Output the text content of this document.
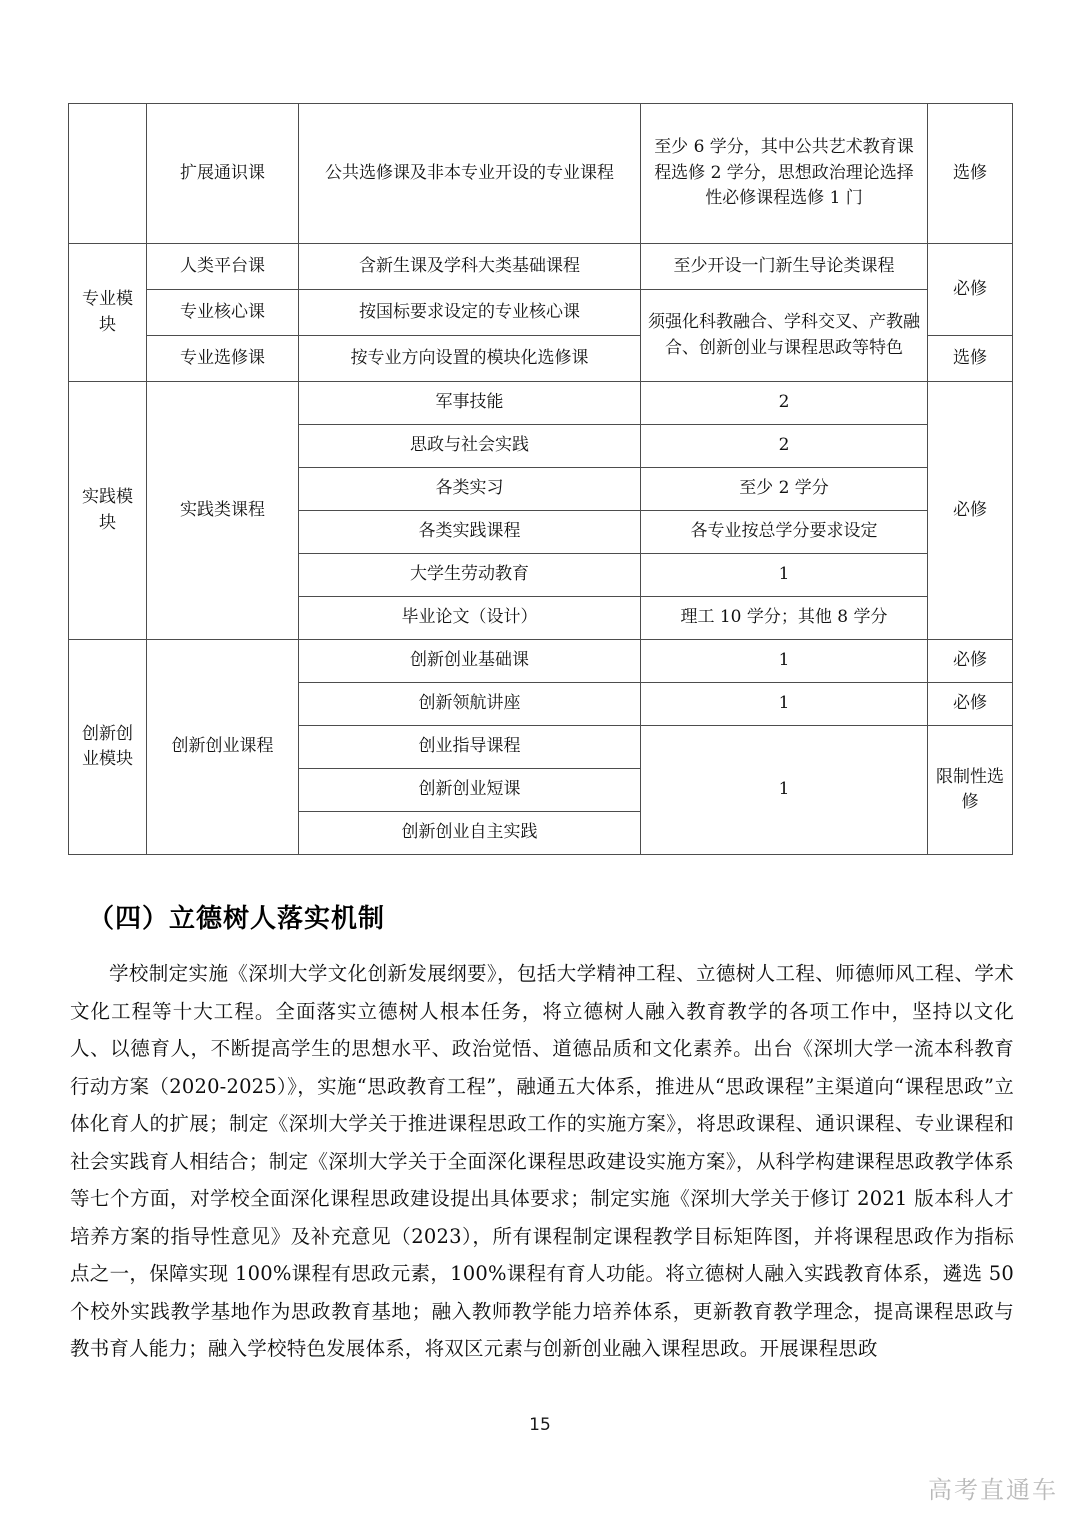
	扩展通识课	公共选修课及非本专业开设的专业课程	至少 6 学分，其中公共艺术教育课程选修 2 学分，思想政治理论选择性必修课程选修 1 门	选修
专业模块	人类平台课	含新生课及学科大类基础课程	至少开设一门新生导论类课程	必修
	专业核心课	按国标要求设定的专业核心课	须强化科教融合、学科交叉、产教融合、创新创业与课程思政等特色	
	专业选修课	按专业方向设置的模块化选修课		选修
实践模块	实践类课程	军事技能	2	必修
		思政与社会实践	2	
		各类实习	至少 2 学分	
		各类实践课程	各专业按总学分要求设定	
		大学生劳动教育	1	
		毕业论文（设计）	理工 10 学分；其他 8 学分	
创新创业模块	创新创业课程	创新创业基础课	1	必修
		创新领航讲座	1	必修
		创业指导课程	1	限制性选修
		创新创业短课		
		创新创业自主实践		
（四）立德树人落实机制
学校制定实施《深圳大学文化创新发展纲要》，包括大学精神工程、立德树人工程、师德师风工程、学术文化工程等十大工程。全面落实立德树人根本任务，将立德树人融入教育教学的各项工作中，坚持以文化人、以德育人，不断提高学生的思想水平、政治觉悟、道德品质和文化素养。出台《深圳大学一流本科教育行动方案（2020-2025）》，实施“思政教育工程”，融通五大体系，推进从“思政课程”主渠道向“课程思政”立体化育人的扩展；制定《深圳大学关于推进课程思政工作的实施方案》，将思政课程、通识课程、专业课程和社会实践育人相结合；制定《深圳大学关于全面深化课程思政建设实施方案》，从科学构建课程思政教学体系等七个方面，对学校全面深化课程思政建设提出具体要求；制定实施《深圳大学关于修订 2021 版本科人才培养方案的指导性意见》及补充意见（2023），所有课程制定课程教学目标矩阵图，并将课程思政作为指标点之一，保障实现 100%课程有思政元素，100%课程有育人功能。将立德树人融入实践教育体系，遴选 50 个校外实践教学基地作为思政教育基地；融入教师教学能力培养体系，更新教育教学理念，提高课程思政与教书育人能力；融入学校特色发展体系，将双区元素与创新创业融入课程思政。开展课程思政
15
高考直通车
